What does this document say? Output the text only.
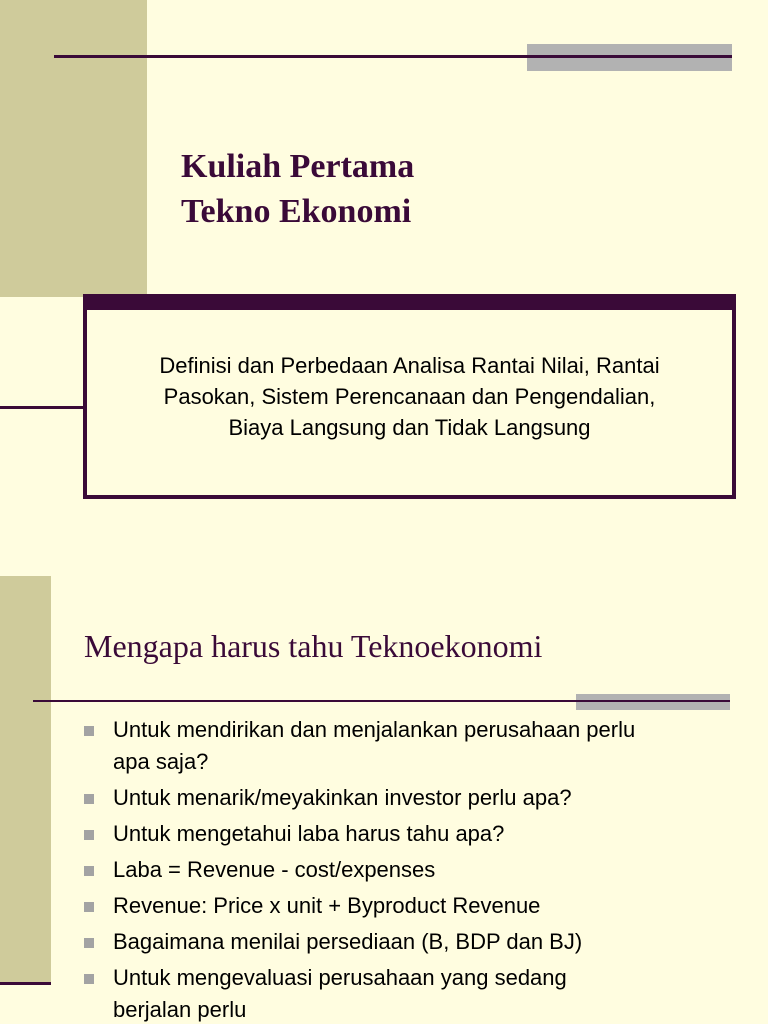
Kuliah Pertama
Tekno Ekonomi
Definisi dan Perbedaan Analisa Rantai Nilai, Rantai
Pasokan, Sistem Perencanaan dan Pengendalian,
Biaya Langsung dan Tidak Langsung
Mengapa harus tahu Teknoekonomi
Untuk mendirikan dan menjalankan perusahaan perlu
apa saja?
Untuk menarik/meyakinkan investor perlu apa?
Untuk mengetahui laba harus tahu apa?
Laba = Revenue - cost/expenses
Revenue: Price x unit + Byproduct Revenue
Bagaimana menilai persediaan (B, BDP dan BJ)
Untuk mengevaluasi perusahaan yang sedang
berjalan perlu
